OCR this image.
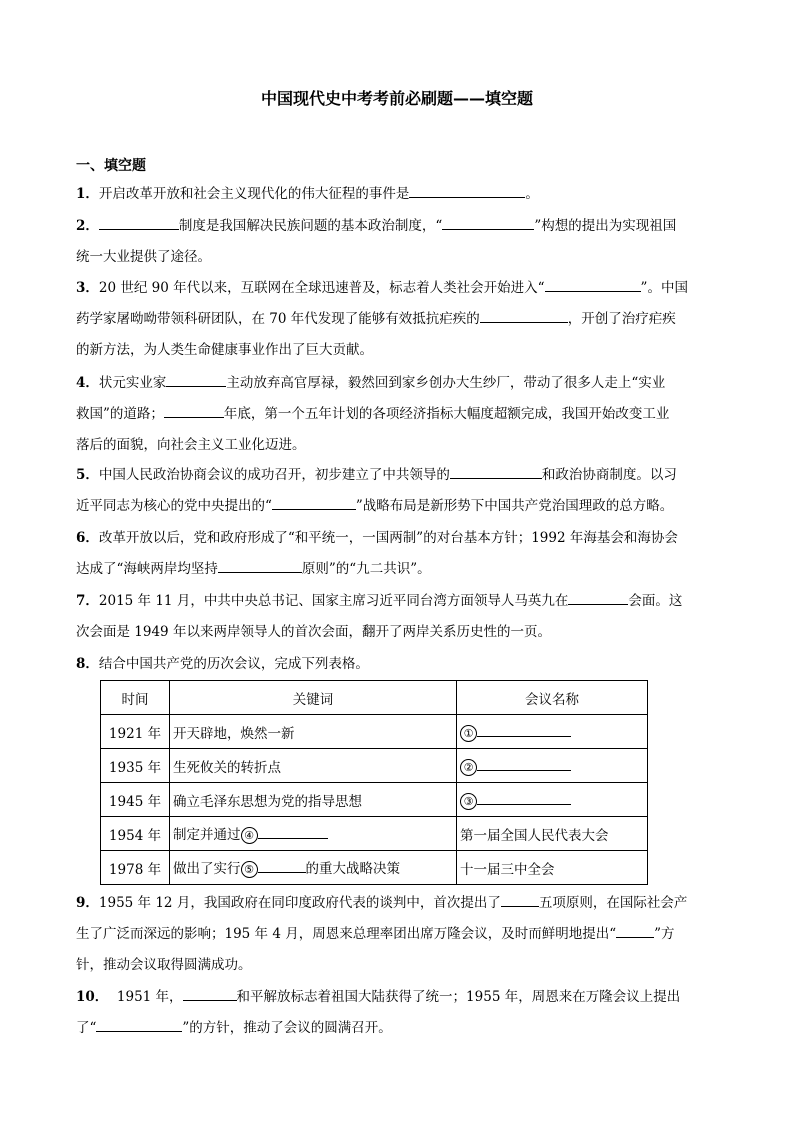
中国现代史中考考前必刷题——填空题
一、填空题
1．开启改革开放和社会主义现代化的伟大征程的事件是	。
2．	制度是我国解决民族问题的基本政治制度，“	”构想的提出为实现祖国
统一大业提供了途径。
3．20 世纪 90 年代以来，互联网在全球迅速普及，标志着人类社会开始进入“	”。中国
药学家屠呦呦带领科研团队，在 70 年代发现了能够有效抵抗疟疾的	，开创了治疗疟疾
的新方法，为人类生命健康事业作出了巨大贡献。
4．状元实业家	主动放弃高官厚禄，毅然回到家乡创办大生纱厂，带动了很多人走上“实业
救国”的道路；	年底，第一个五年计划的各项经济指标大幅度超额完成，我国开始改变工业
落后的面貌，向社会主义工业化迈进。
5．中国人民政治协商会议的成功召开，初步建立了中共领导的	和政治协商制度。以习
近平同志为核心的党中央提出的“	”战略布局是新形势下中国共产党治国理政的总方略。
6．改革开放以后，党和政府形成了“和平统一，一国两制”的对台基本方针；1992 年海基会和海协会
达成了“海峡两岸均坚持	原则”的“九二共识”。
7．2015 年 11 月，中共中央总书记、国家主席习近平同台湾方面领导人马英九在	会面。这
次会面是 1949 年以来两岸领导人的首次会面，翻开了两岸关系历史性的一页。
8．结合中国共产党的历次会议，完成下列表格。
时间	关键词	会议名称
1921 年	开天辟地，焕然一新	①
1935 年	生死攸关的转折点	②
1945 年	确立毛泽东思想为党的指导思想	③
1954 年	制定并通过 ④	第一届全国人民代表大会
1978 年	做出了实行 ⑤ 的重大战略决策	十一届三中全会
9．1955 年 12 月，我国政府在同印度政府代表的谈判中，首次提出了	五项原则，在国际社会产
生了广泛而深远的影响；195 年 4 月，周恩来总理率团出席万隆会议，及时而鲜明地提出“	”方
针，推动会议取得圆满成功。
10． 1951 年，	和平解放标志着祖国大陆获得了统一；1955 年，周恩来在万隆会议上提出
了“	”的方针，推动了会议的圆满召开。
